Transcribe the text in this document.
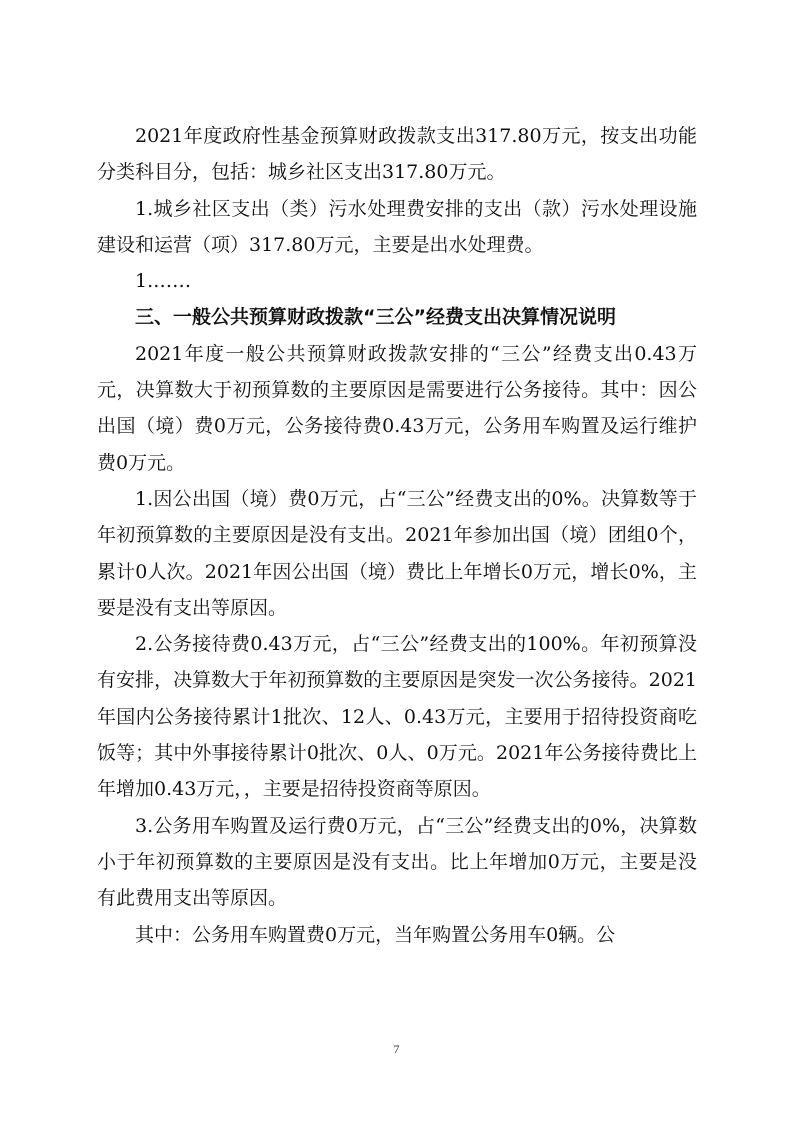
2021年度政府性基金预算财政拨款支出317.80万元，按支出功能分类科目分，包括：城乡社区支出317.80万元。

1.城乡社区支出（类）污水处理费安排的支出（款）污水处理设施建设和运营（项）317.80万元，主要是出水处理费。

1.……

三、一般公共预算财政拨款“三公”经费支出决算情况说明

2021年度一般公共预算财政拨款安排的“三公”经费支出0.43万元，决算数大于初预算数的主要原因是需要进行公务接待。其中：因公出国（境）费0万元，公务接待费0.43万元，公务用车购置及运行维护费0万元。

1.因公出国（境）费0万元，占“三公”经费支出的0%。决算数等于年初预算数的主要原因是没有支出。2021年参加出国（境）团组0个，累计0人次。2021年因公出国（境）费比上年增长0万元，增长0%，主要是没有支出等原因。

2.公务接待费0.43万元，占“三公”经费支出的100%。年初预算没有安排，决算数大于年初预算数的主要原因是突发一次公务接待。2021年国内公务接待累计1批次、12人、0.43万元，主要用于招待投资商吃饭等；其中外事接待累计0批次、0人、0万元。2021年公务接待费比上年增加0.43万元，，主要是招待投资商等原因。

3.公务用车购置及运行费0万元，占“三公”经费支出的0%，决算数小于年初预算数的主要原因是没有支出。比上年增加0万元，主要是没有此费用支出等原因。

其中：公务用车购置费0万元，当年购置公务用车0辆。公

7
